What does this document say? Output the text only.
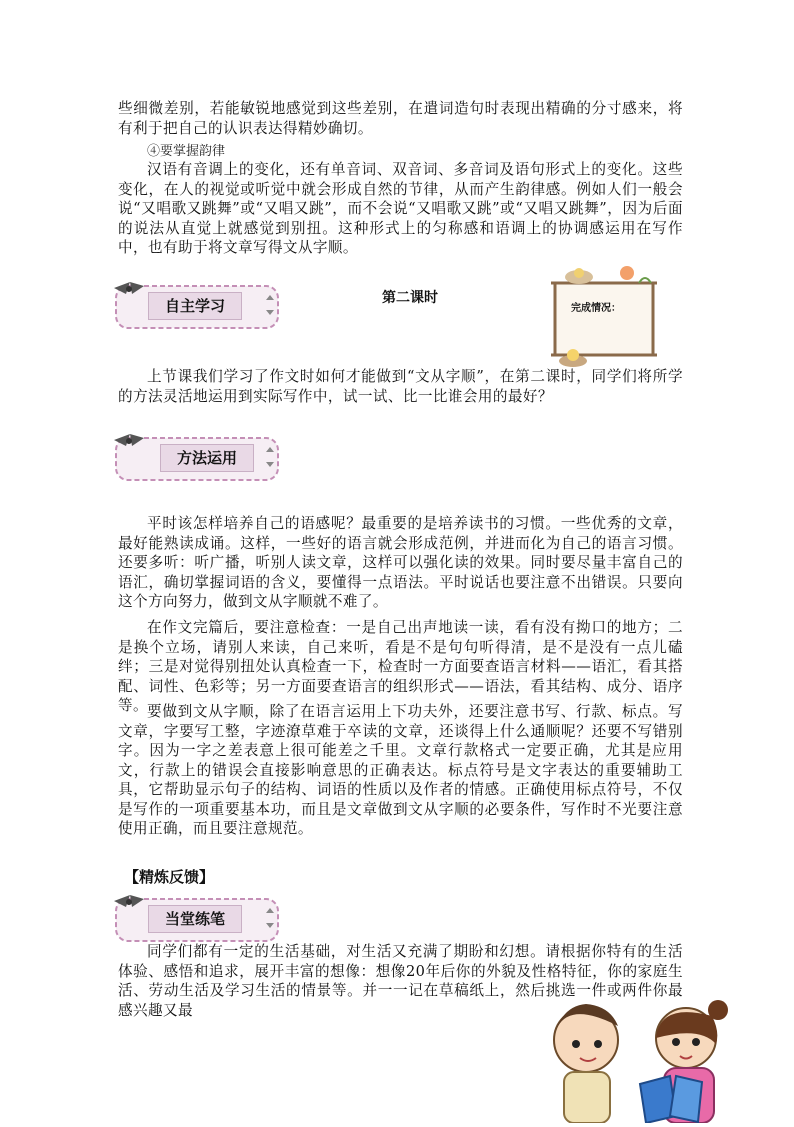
些细微差别，若能敏锐地感觉到这些差别，在遣词造句时表现出精确的分寸感来，将有利于把自己的认识表达得精妙确切。

④要掌握韵律

汉语有音调上的变化，还有单音词、双音词、多音词及语句形式上的变化。这些变化，在人的视觉或听觉中就会形成自然的节律，从而产生韵律感。例如人们一般会说“又唱歌又跳舞”或“又唱又跳”，而不会说“又唱歌又跳”或“又唱又跳舞”，因为后面的说法从直觉上就感觉到别扭。这种形式上的匀称感和语调上的协调感运用在写作中，也有助于将文章写得文从字顺。

自主学习	第二课时
完成情况：

上节课我们学习了作文时如何才能做到“文从字顺”，在第二课时，同学们将所学的方法灵活地运用到实际写作中，试一试、比一比谁会用的最好？

方法运用

平时该怎样培养自己的语感呢？最重要的是培养读书的习惯。一些优秀的文章，最好能熟读成诵。这样，一些好的语言就会形成范例，并进而化为自己的语言习惯。还要多听：听广播，听别人读文章，这样可以强化读的效果。同时要尽量丰富自己的语汇，确切掌握词语的含义，要懂得一点语法。平时说话也要注意不出错误。只要向这个方向努力，做到文从字顺就不难了。

在作文完篇后，要注意检查：一是自己出声地读一读，看有没有拗口的地方；二是换个立场，请别人来读，自己来听，看是不是句句听得清，是不是没有一点儿磕绊；三是对觉得别扭处认真检查一下，检查时一方面要查语言材料——语汇，看其搭配、词性、色彩等；另一方面要查语言的组织形式——语法，看其结构、成分、语序等。 要做到文从字顺，除了在语言运用上下功夫外，还要注意书写、行款、标点。写文章，字要写工整，字迹潦草难于卒读的文章，还谈得上什么通顺呢？还要不写错别字。因为一字之差表意上很可能差之千里。文章行款格式一定要正确，尤其是应用文，行款上的错误会直接影响意思的正确表达。标点符号是文字表达的重要辅助工具，它帮助显示句子的结构、词语的性质以及作者的情感。正确使用标点符号，不仅是写作的一项重要基本功，而且是文章做到文从字顺的必要条件，写作时不光要注意使用正确，而且要注意规范。

【精炼反馈】
当堂练笔

同学们都有一定的生活基础，对生活又充满了期盼和幻想。请根据你特有的生活体验、感悟和追求，展开丰富的想像：想像20年后你的外貌及性格特征，你的家庭生活、劳动生活及学习生活的情景等。并一一记在草稿纸上，然后挑选一件或两件你最感兴趣又最
